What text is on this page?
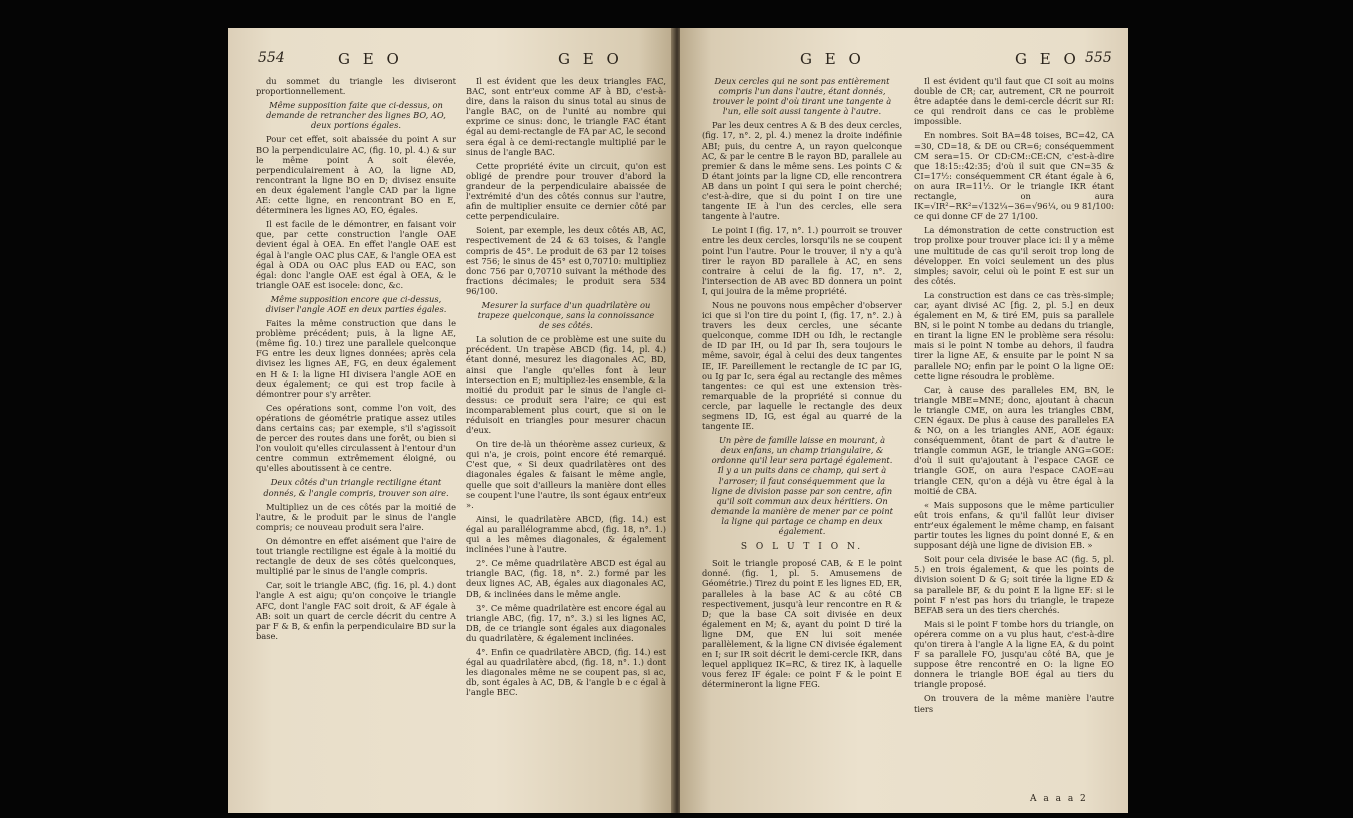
554	G E O	G E O

du sommet du triangle les diviseront proportionnellement.

Même supposition faite que ci-dessus, on demande de retrancher des lignes BO, AO, deux portions égales.

Pour cet effet, soit abaissée du point A sur BO la perpendiculaire AC, (fig. 10, pl. 4.) & sur le même point A soit élevée, perpendiculairement à AO, la ligne AD, rencontrant la ligne BO en D; divisez ensuite en deux également l'angle CAD par la ligne AE: cette ligne, en rencontrant BO en E, déterminera les lignes AO, EO, égales.

Il est facile de le démontrer, en faisant voir que, par cette construction l'angle OAE devient égal à OEA. En effet l'angle OAE est égal à l'angle OAC plus CAE, & l'angle OEA est égal à ODA ou OAC plus EAD ou EAC, son égal: donc l'angle OAE est égal à OEA, & le triangle OAE est isocele: donc, &c.

Même supposition encore que ci-dessus, diviser l'angle AOE en deux parties égales.

Faites la même construction que dans le problème précédent; puis, à la ligne AE, (même fig. 10.) tirez une parallele quelconque FG entre les deux lignes données; après cela divisez les lignes AE, FG, en deux également en H & I: la ligne HI divisera l'angle AOE en deux également; ce qui est trop facile à démontrer pour s'y arrêter.

Ces opérations sont, comme l'on voit, des opérations de géométrie pratique assez utiles dans certains cas; par exemple, s'il s'agissoit de percer des routes dans une forêt, ou bien si l'on vouloit qu'elles circulassent à l'entour d'un centre commun extrêmement éloigné, ou qu'elles aboutissent à ce centre.

Deux côtés d'un triangle rectiligne étant donnés, & l'angle compris, trouver son aire.

Multipliez un de ces côtés par la moitié de l'autre, & le produit par le sinus de l'angle compris; ce nouveau produit sera l'aire.

On démontre en effet aisément que l'aire de tout triangle rectiligne est égale à la moitié du rectangle de deux de ses côtés quelconques, multiplié par le sinus de l'angle compris.

Car, soit le triangle ABC, (fig. 16, pl. 4.) dont l'angle A est aigu; qu'on conçoive le triangle AFC, dont l'angle FAC soit droit, & AF égale à AB: soit un quart de cercle décrit du centre A par F & B, & enfin la perpendiculaire BD sur la base.

Il est évident que les deux triangles FAC, BAC, sont entr'eux comme AF à BD, c'est-à-dire, dans la raison du sinus total au sinus de l'angle BAC, on de l'unité au nombre qui exprime ce sinus: donc, le triangle FAC étant égal au demi-rectangle de FA par AC, le second sera égal à ce demi-rectangle multiplié par le sinus de l'angle BAC.

Cette propriété évite un circuit, qu'on est obligé de prendre pour trouver d'abord la grandeur de la perpendiculaire abaissée de l'extrémité d'un des côtés connus sur l'autre, afin de multiplier ensuite ce dernier côté par cette perpendiculaire.

Soient, par exemple, les deux côtés AB, AC, respectivement de 24 & 63 toises, & l'angle compris de 45°. Le produit de 63 par 12 toises est 756; le sinus de 45° est 0,70710: multipliez donc 756 par 0,70710 suivant la méthode des fractions décimales; le produit sera 534 96/100.

Mesurer la surface d'un quadrilatère ou trapeze quelconque, sans la connoissance de ses côtés.

La solution de ce problème est une suite du précédent. Un trapèse ABCD (fig. 14, pl. 4.) étant donné, mesurez les diagonales AC, BD, ainsi que l'angle qu'elles font à leur intersection en E; multipliez-les ensemble, & la moitié du produit par le sinus de l'angle ci-dessus: ce produit sera l'aire; ce qui est incomparablement plus court, que si on le réduisoit en triangles pour mesurer chacun d'eux.

On tire de-là un théorème assez curieux, & qui n'a, je crois, point encore été remarqué. C'est que, « Si deux quadrilatères ont des diagonales égales & faisant le même angle, quelle que soit d'ailleurs la manière dont elles se coupent l'une l'autre, ils sont égaux entr'eux ».

Ainsi, le quadrilatère ABCD, (fig. 14.) est égal au parallélogramme abcd, (fig. 18, n°. 1.) qui a les mêmes diagonales, & également inclinées l'une à l'autre.

2°. Ce même quadrilatère ABCD est égal au triangle BAC, (fig. 18, n°. 2.) formé par les deux lignes AC, AB, égales aux diagonales AC, DB, & inclinées dans le même angle.

3°. Ce même quadrilatère est encore égal au triangle ABC, (fig. 17, n°. 3.) si les lignes AC, DB, de ce triangle sont égales aux diagonales du quadrilatère, & également inclinées.

4°. Enfin ce quadrilatère ABCD, (fig. 14.) est égal au quadrilatère abcd, (fig. 18, n°. 1.) dont les diagonales même ne se coupent pas, si ac, db, sont égales à AC, DB, & l'angle b e c égal à l'angle BEC.

G E O	G E O 555

Deux cercles qui ne sont pas entièrement compris l'un dans l'autre, étant donnés, trouver le point d'où tirant une tangente à l'un, elle soit aussi tangente à l'autre.

Par les deux centres A & B des deux cercles, (fig. 17, n°. 2, pl. 4.) menez la droite indéfinie ABI; puis, du centre A, un rayon quelconque AC, & par le centre B le rayon BD, parallele au premier & dans le même sens. Les points C & D étant joints par la ligne CD, elle rencontrera AB dans un point I qui sera le point cherché; c'est-à-dire, que si du point I on tire une tangente IE à l'un des cercles, elle sera tangente à l'autre.

Le point I (fig. 17, n°. 1.) pourroit se trouver entre les deux cercles, lorsqu'ils ne se coupent point l'un l'autre. Pour le trouver, il n'y a qu'à tirer le rayon BD parallele à AC, en sens contraire à celui de la fig. 17, n°. 2, l'intersection de AB avec BD donnera un point I, qui jouira de la même propriété.

Nous ne pouvons nous empêcher d'observer ici que si l'on tire du point I, (fig. 17, n°. 2.) à travers les deux cercles, une sécante quelconque, comme IDH ou Idh, le rectangle de ID par IH, ou Id par Ih, sera toujours le même, savoir, égal à celui des deux tangentes IE, IF. Pareillement le rectangle de IC par IG, ou Ig par Ic, sera égal au rectangle des mêmes tangentes: ce qui est une extension très-remarquable de la propriété si connue du cercle, par laquelle le rectangle des deux segmens ID, IG, est égal au quarré de la tangente IE.

Un père de famille laisse en mourant, à deux enfans, un champ triangulaire, & ordonne qu'il leur sera partagé également. Il y a un puits dans ce champ, qui sert à l'arroser; il faut conséquemment que la ligne de division passe par son centre, afin qu'il soit commun aux deux héritiers. On demande la manière de mener par ce point la ligne qui partage ce champ en deux également.

S O L U T I O N.

Soit le triangle proposé CAB, & E le point donné. (fig. 1, pl. 5. Amusemens de Géométrie.) Tirez du point E les lignes ED, ER, paralleles à la base AC & au côté CB respectivement, jusqu'à leur rencontre en R & D; que la base CA soit divisée en deux également en M; &, ayant du point D tiré la ligne DM, que EN lui soit menée parallèlement, & la ligne CN divisée également en I; sur IR soit décrit le demi-cercle IKR, dans lequel appliquez IK=RC, & tirez IK, à laquelle vous ferez IF égale: ce point F & le point E détermineront la ligne FEG.

Il est évident qu'il faut que CI soit au moins double de CR; car, autrement, CR ne pourroit être adaptée dans le demi-cercle décrit sur RI: ce qui rendroit dans ce cas le problème impossible.

En nombres. Soit BA=48 toises, BC=42, CA =30, CD=18, & DE ou CR=6; conséquemment CM sera=15. Or CD:CM::CE:CN, c'est-à-dire que 18:15::42:35; d'où il suit que CN=35 & CI=17½: conséquemment CR étant égale à 6, on aura IR=11½. Or le triangle IKR étant rectangle, on aura IK=√IR²−RK²=√132¼−36=√96¼, ou 9 81/100: ce qui donne CF de 27 1/100.

La démonstration de cette construction est trop prolixe pour trouver place ici: il y a même une multitude de cas qu'il seroit trop long de développer. En voici seulement un des plus simples; savoir, celui où le point E est sur un des côtés.

La construction est dans ce cas très-simple; car, ayant divisé AC [fig. 2, pl. 5.] en deux également en M, & tiré EM, puis sa parallele BN, si le point N tombe au dedans du triangle, en tirant la ligne EN le problème sera résolu: mais si le point N tombe au dehors, il faudra tirer la ligne AE, & ensuite par le point N sa parallele NO; enfin par le point O la ligne OE: cette ligne résoudra le problème.

Car, à cause des paralleles EM, BN, le triangle MBE=MNE; donc, ajoutant à chacun le triangle CME, on aura les triangles CBM, CEN égaux. De plus à cause des paralleles EA & NO, on a les triangles ANE, AOE égaux: conséquemment, ôtant de part & d'autre le triangle commun AGE, le triangle ANG=GOE: d'où il suit qu'ajoutant à l'espace CAGE ce triangle GOE, on aura l'espace CAOE=au triangle CEN, qu'on a déjà vu être égal à la moitié de CBA.

« Mais supposons que le même particulier eût trois enfans, & qu'il fallût leur diviser entr'eux également le même champ, en faisant partir toutes les lignes du point donné E, & en supposant déjà une ligne de division EB. »

Soit pour cela divisée le base AC (fig. 5, pl. 5.) en trois également, & que les points de division soient D & G; soit tirée la ligne ED & sa parallele BF, & du point E la ligne EF: si le point F n'est pas hors du triangle, le trapeze BEFAB sera un des tiers cherchés.

Mais si le point F tombe hors du triangle, on opérera comme on a vu plus haut, c'est-à-dire qu'on tirera à l'angle A la ligne EA, & du point F sa parallele FO, jusqu'au côté BA, que je suppose être rencontré en O: la ligne EO donnera le triangle BOE égal au tiers du triangle proposé.

On trouvera de la même manière l'autre tiers

A a a a 2
